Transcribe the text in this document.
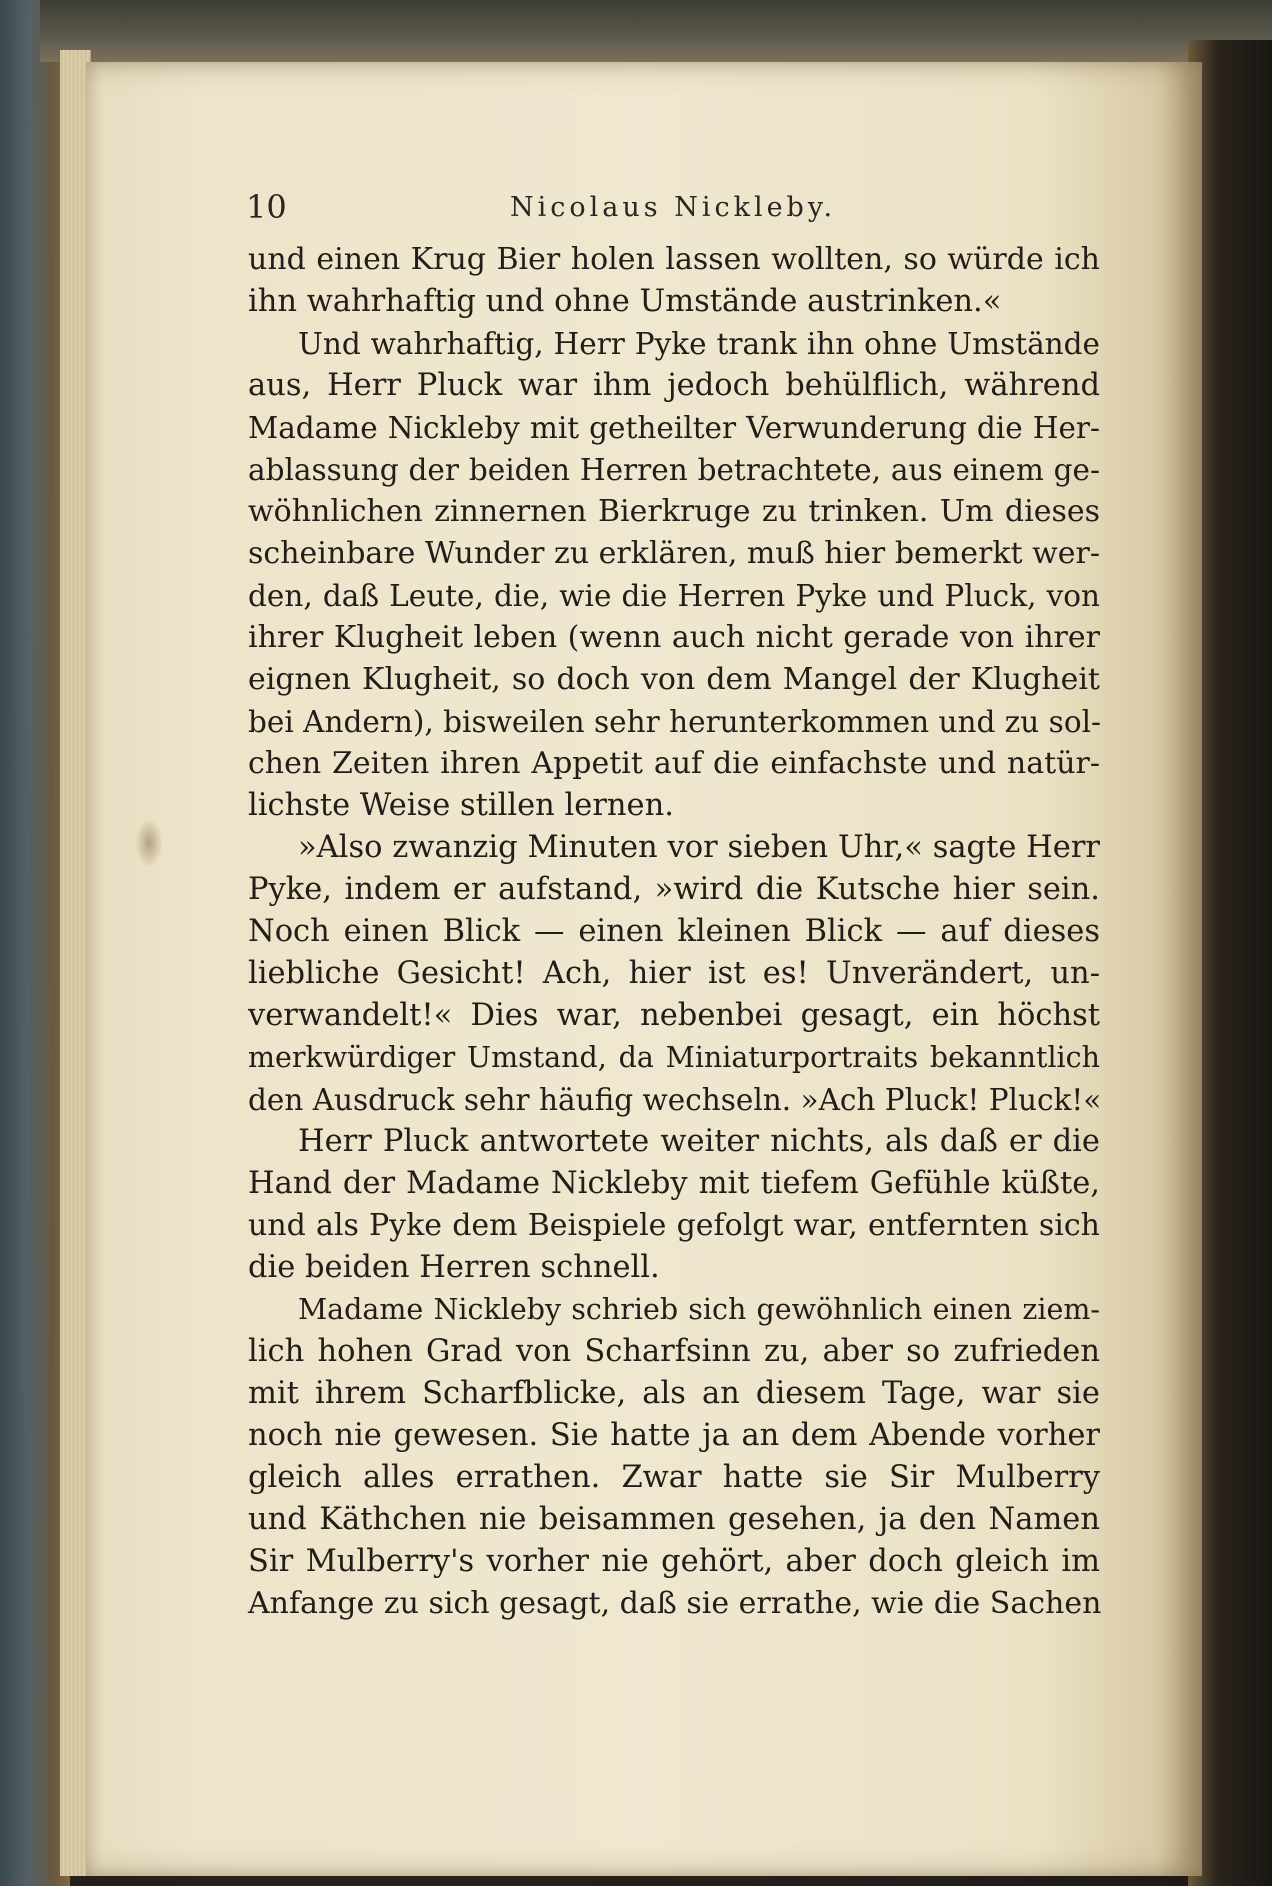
10	Nicolaus Nickleby.
und einen Krug Bier holen lassen wollten, so würde ich
ihn wahrhaftig und ohne Umstände austrinken.«
Und wahrhaftig, Herr Pyke trank ihn ohne Umstände
aus, Herr Pluck war ihm jedoch behülflich, während
Madame Nickleby mit getheilter Verwunderung die Her-
ablassung der beiden Herren betrachtete, aus einem ge-
wöhnlichen zinnernen Bierkruge zu trinken. Um dieses
scheinbare Wunder zu erklären, muß hier bemerkt wer-
den, daß Leute, die, wie die Herren Pyke und Pluck, von
ihrer Klugheit leben (wenn auch nicht gerade von ihrer
eignen Klugheit, so doch von dem Mangel der Klugheit
bei Andern), bisweilen sehr herunterkommen und zu sol-
chen Zeiten ihren Appetit auf die einfachste und natür-
lichste Weise stillen lernen.
»Also zwanzig Minuten vor sieben Uhr,« sagte Herr
Pyke, indem er aufstand, »wird die Kutsche hier sein.
Noch einen Blick — einen kleinen Blick — auf dieses
liebliche Gesicht! Ach, hier ist es! Unverändert, un-
verwandelt!« Dies war, nebenbei gesagt, ein höchst
merkwürdiger Umstand, da Miniaturportraits bekanntlich
den Ausdruck sehr häufig wechseln. »Ach Pluck! Pluck!«
Herr Pluck antwortete weiter nichts, als daß er die
Hand der Madame Nickleby mit tiefem Gefühle küßte,
und als Pyke dem Beispiele gefolgt war, entfernten sich
die beiden Herren schnell.
Madame Nickleby schrieb sich gewöhnlich einen ziem-
lich hohen Grad von Scharfsinn zu, aber so zufrieden
mit ihrem Scharfblicke, als an diesem Tage, war sie
noch nie gewesen. Sie hatte ja an dem Abende vorher
gleich alles errathen. Zwar hatte sie Sir Mulberry
und Käthchen nie beisammen gesehen, ja den Namen
Sir Mulberry's vorher nie gehört, aber doch gleich im
Anfange zu sich gesagt, daß sie errathe, wie die Sachen
